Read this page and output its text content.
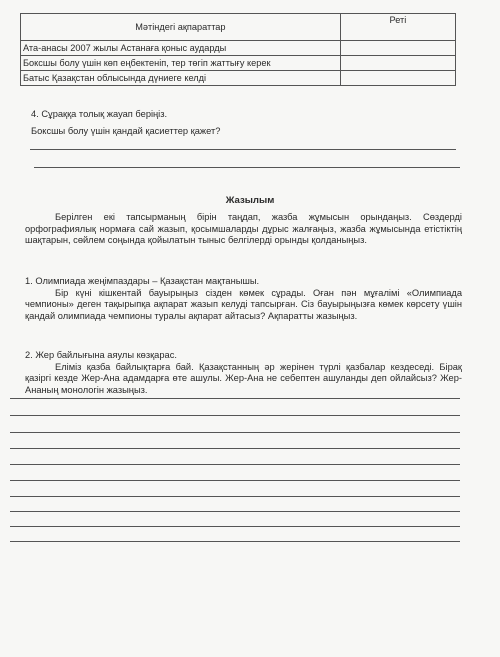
Мәтіндегі ақпараттар	Реті
Ата-анасы 2007 жылы Астанаға қоныс аударды	
Боксшы болу үшін көп еңбектеніп, тер төгіп жаттығу керек	
Батыс Қазақстан облысында дүниеге келді	

4. Сұраққа толық жауап беріңіз.

Боксшы болу үшін қандай қасиеттер қажет?

Жазылым

Берілген екі тапсырманың бірін таңдап, жазба жұмысын орындаңыз. Сөздерді орфографиялық нормаға сай жазып, қосымшаларды дұрыс жалғаңыз, жазба жұмысында етістіктің шақтарын, сөйлем соңында қойылатын тыныс белгілерді орынды қолданыңыз.

1. Олимпиада жеңімпаздары – Қазақстан мақтанышы.

Бір күні кішкентай бауырыңыз сізден көмек сұрады. Оған пән мұғалімі «Олимпиада чемпионы» деген тақырыпқа ақпарат жазып келуді тапсырған. Сіз бауырыңызға көмек көрсету үшін қандай олимпиада чемпионы туралы ақпарат айтасыз? Ақпаратты жазыңыз.

2. Жер байлығына аяулы көзқарас.

Еліміз қазба байлықтарға бай. Қазақстанның әр жерінен түрлі қазбалар кездеседі. Бірақ қазіргі кезде Жер-Ана адамдарға өте ашулы. Жер-Ана не себептен ашуланды деп ойлайсыз? Жер-Ананың монологін жазыңыз.
